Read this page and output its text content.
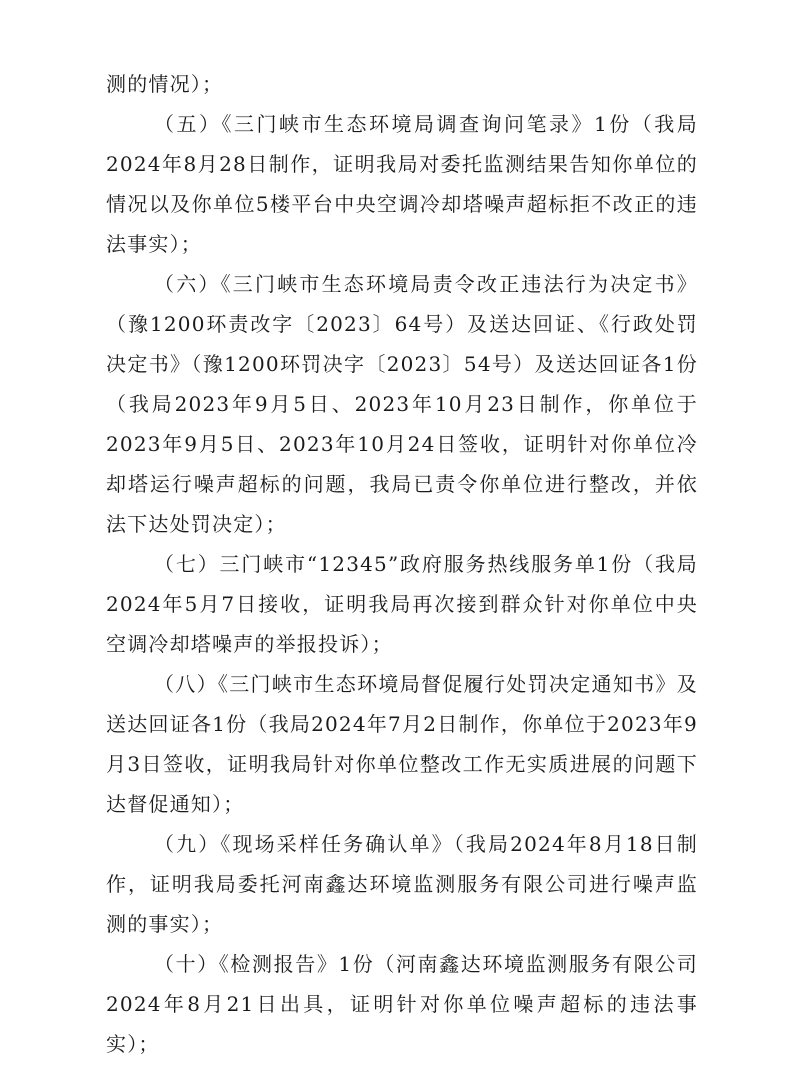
测的情况）；

（五）《三门峡市生态环境局调查询问笔录》1份（我局2024年8月28日制作，证明我局对委托监测结果告知你单位的情况以及你单位5楼平台中央空调冷却塔噪声超标拒不改正的违法事实）；

（六）《三门峡市生态环境局责令改正违法行为决定书》（豫1200环责改字〔2023〕64号）及送达回证、《行政处罚决定书》（豫1200环罚决字〔2023〕54号）及送达回证各1份（我局2023年9月5日、2023年10月23日制作，你单位于2023年9月5日、2023年10月24日签收，证明针对你单位冷却塔运行噪声超标的问题，我局已责令你单位进行整改，并依法下达处罚决定）；

（七）三门峡市“12345”政府服务热线服务单1份（我局2024年5月7日接收，证明我局再次接到群众针对你单位中央空调冷却塔噪声的举报投诉）；

（八）《三门峡市生态环境局督促履行处罚决定通知书》及送达回证各1份（我局2024年7月2日制作，你单位于2023年9月3日签收，证明我局针对你单位整改工作无实质进展的问题下达督促通知）；

（九）《现场采样任务确认单》（我局2024年8月18日制作，证明我局委托河南鑫达环境监测服务有限公司进行噪声监测的事实）；

（十）《检测报告》1份（河南鑫达环境监测服务有限公司2024年8月21日出具，证明针对你单位噪声超标的违法事实）；
